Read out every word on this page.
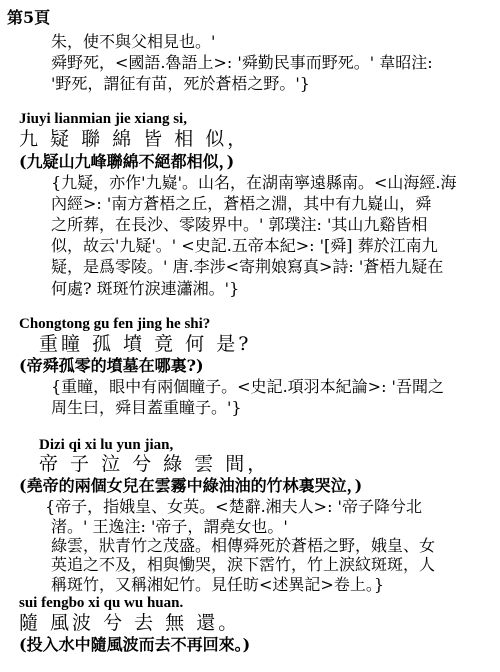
第5頁
朱，使不與父相見也。'
舜野死，<國語.魯語上>: '舜勤民事而野死。' 韋昭注:
'野死，謂征有苗，死於蒼梧之野。'}
Jiuyi lianmian jie xiang si,
九 疑 聯 綿 皆 相 似，
(九疑山九峰聯綿不絕都相似，)
{九疑，亦作'九嶷'。山名，在湖南寧遠縣南。<山海經.海
內經>: '南方蒼梧之丘，蒼梧之淵，其中有九嶷山，舜
之所葬，在長沙、零陵界中。' 郭璞注: '其山九谿皆相
似，故云'九疑'。' <史記.五帝本紀>: '[舜] 葬於江南九
疑，是爲零陵。' 唐.李涉<寄荆娘寫真>詩: '蒼梧九疑在
何處? 斑斑竹淚連瀟湘。'}
Chongtong gu fen jing he shi?
重瞳 孤 墳 竟 何 是?
(帝舜孤零的墳墓在哪裏?)
{重瞳，眼中有兩個瞳子。<史記.項羽本紀論>: '吾聞之
周生曰，舜目蓋重瞳子。'}
Dizi qi xi lu yun jian,
帝 子 泣 兮 綠 雲 間，
(堯帝的兩個女兒在雲霧中綠油油的竹林裏哭泣，)
{帝子，指娥皇、女英。<楚辭.湘夫人>: '帝子降兮北
渚。' 王逸注: '帝子，謂堯女也。'
綠雲，狀青竹之茂盛。相傳舜死於蒼梧之野，娥皇、女
英追之不及，相與慟哭，淚下霑竹，竹上淚紋斑斑，人
稱斑竹，又稱湘妃竹。見任昉<述異記>卷上。}
sui fengbo xi qu wu huan.
隨 風波 兮 去 無 還。
(投入水中隨風波而去不再回來。)
